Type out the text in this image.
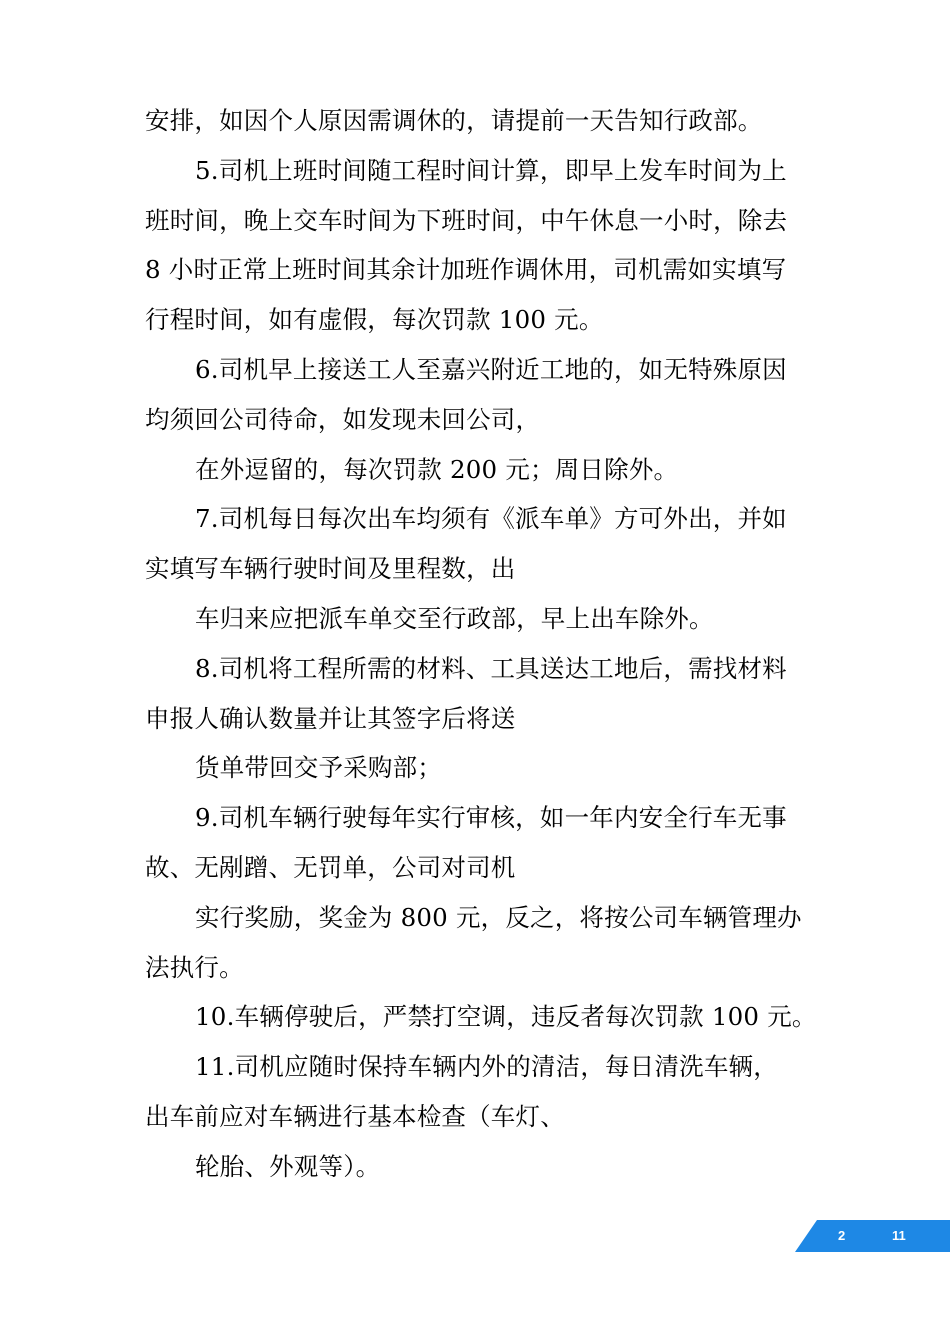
安排，如因个人原因需调休的，请提前一天告知行政部。
5.司机上班时间随工程时间计算，即早上发车时间为上
班时间，晚上交车时间为下班时间，中午休息一小时，除去
8 小时正常上班时间其余计加班作调休用，司机需如实填写
行程时间，如有虚假，每次罚款 100 元。
6.司机早上接送工人至嘉兴附近工地的，如无特殊原因
均须回公司待命，如发现未回公司，
在外逗留的，每次罚款 200 元；周日除外。
7.司机每日每次出车均须有《派车单》方可外出，并如
实填写车辆行驶时间及里程数，出
车归来应把派车单交至行政部，早上出车除外。
8.司机将工程所需的材料、工具送达工地后，需找材料
申报人确认数量并让其签字后将送
货单带回交予采购部；
9.司机车辆行驶每年实行审核，如一年内安全行车无事
故、无剐蹭、无罚单，公司对司机
实行奖励，奖金为 800 元，反之，将按公司车辆管理办
法执行。
10.车辆停驶后，严禁打空调，违反者每次罚款 100 元。
11.司机应随时保持车辆内外的清洁，每日清洗车辆，
出车前应对车辆进行基本检查（车灯、
轮胎、外观等）。
2	11
